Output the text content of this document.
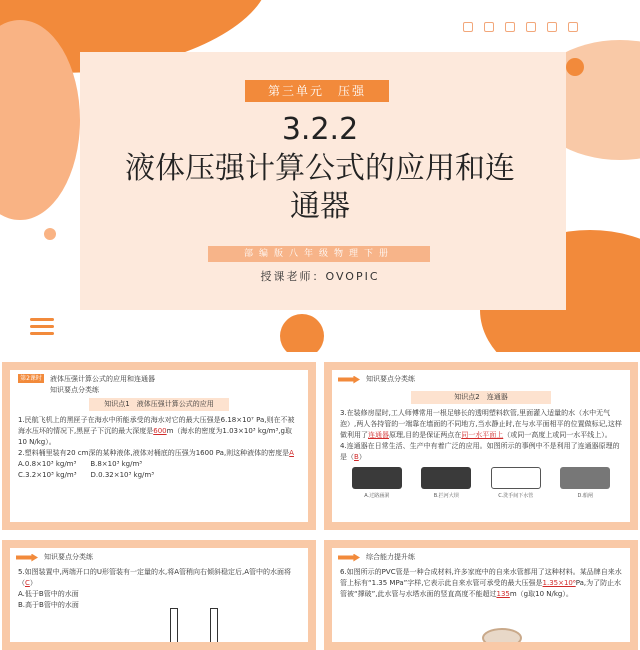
第三单元　压强
3.2.2
液体压强计算公式的应用和连通器
部编版八年级物理下册
授课老师：OVOPIC
第2课时	液体压强计算公式的应用和连通器
知识要点分类练
知识点1　液体压强计算公式的应用

1.民航飞机上的黑匣子在海水中所能承受的海水对它的最大压强是6.18×10⁷ Pa,则在不被海水压坏的情况下,黑匣子下沉的最大深度是600m（海水的密度为1.03×10³ kg/m³,g取10 N/kg）。

2.塑料桶里装有20 cm深的某种液体,液体对桶底的压强为1600 Pa,则这种液体的密度是A

A.0.8×10³ kg/m³　　 B.8×10³ kg/m³

C.3.2×10³ kg/m³　　 D.0.32×10³ kg/m³

知识要点分类练
知识点2　连通器

3.在装修房屋时,工人师傅常用一根足够长的透明塑料软管,里面灌入适量的水（水中无气泡）,两人各持管的一端靠在墙面的不同地方,当水静止时,在与水平面相平的位置做标记,这样做利用了连通器原理,目的是保证两点在同一水平面上（或同一高度上或同一水平线上）。

4.连通器在日常生活、生产中有着广泛的应用。如图所示的事例中不是利用了连通器原理的是（B）

A.过路涵洞	B.拦河大坝	C.洗手间下水管	D.船闸
知识要点分类练

5.如图装置中,两端开口的U形管装有一定量的水,将A管稍向右倾斜稳定后,A管中的水面将（C）

A.低于B管中的水面

B.高于B管中的水面

综合能力提升练

6.如图所示的PVC管是一种合成材料,许多家庭中的自来水管都用了这种材料。某品牌自来水管上标有“1.35 MPa”字样,它表示此自来水管可承受的最大压强是1.35×10⁶Pa,为了防止水管被“撑破”,此水管与水塔水面的竖直高度不能超过135m（g取10 N/kg）。
